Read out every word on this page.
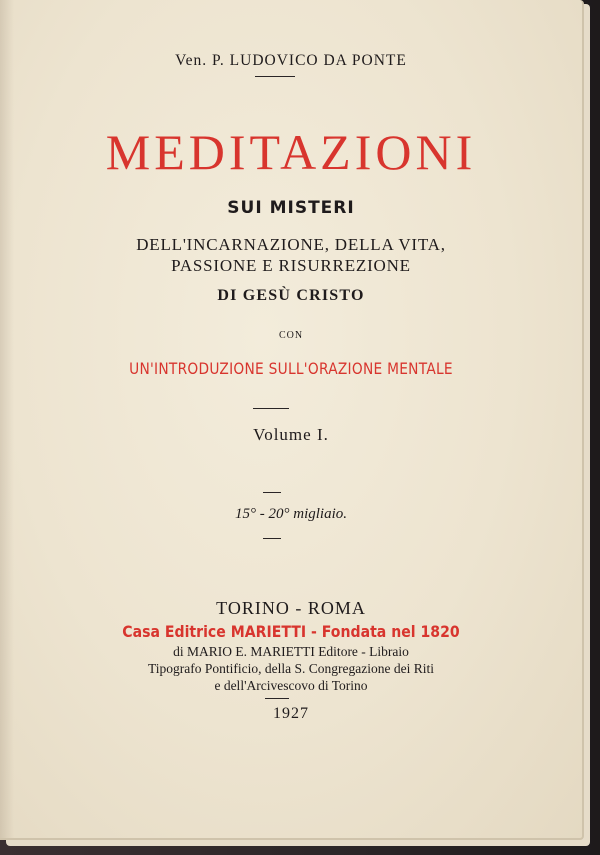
Ven. P. LUDOVICO DA PONTE
MEDITAZIONI
SUI MISTERI
DELL'INCARNAZIONE, DELLA VITA,
PASSIONE E RISURREZIONE
DI GESÙ CRISTO
CON
UN'INTRODUZIONE SULL'ORAZIONE MENTALE
Volume I.
15° - 20° migliaio.
TORINO - ROMA
Casa Editrice MARIETTI - Fondata nel 1820
di MARIO E. MARIETTI Editore - Libraio
Tipografo Pontificio, della S. Congregazione dei Riti
e dell'Arcivescovo di Torino
1927
